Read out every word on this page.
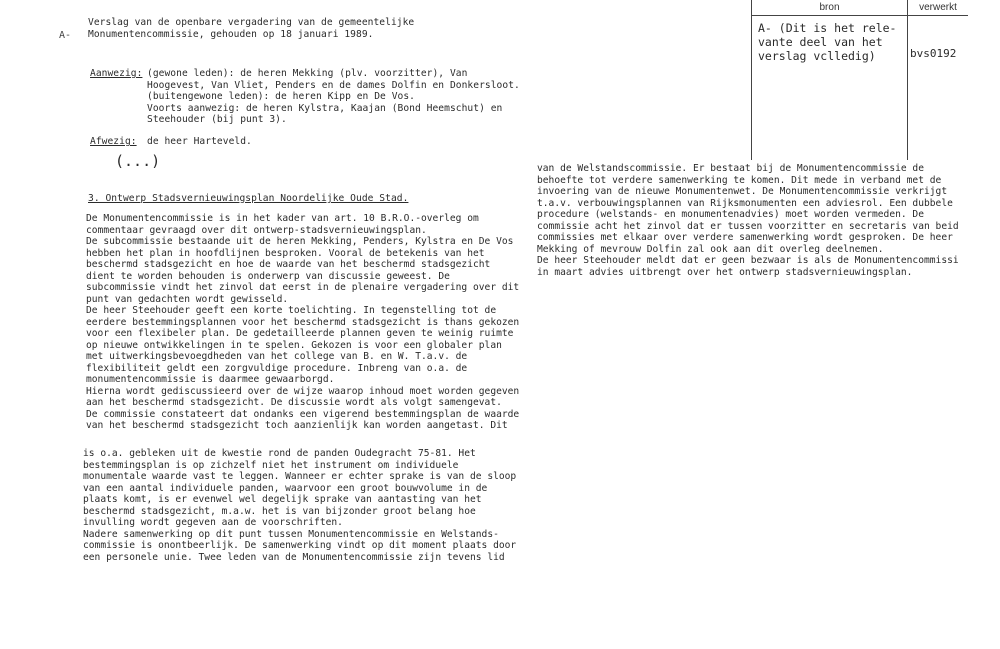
bron	verwerkt
A- (Dit is het rele-
vante deel van het
verslag vclledig)	bvs0192
A-
Verslag van de openbare vergadering van de gemeentelijke
Monumentencommissie, gehouden op 18 januari 1989.
Aanwezig: (gewone leden): de heren Mekking (plv. voorzitter), Van
Hoogevest, Van Vliet, Penders en de dames Dolfin en Donkersloot.
(buitengewone leden): de heren Kipp en De Vos.
Voorts aanwezig: de heren Kylstra, Kaajan (Bond Heemschut) en
Steehouder (bij punt 3).
Afwezig: de heer Harteveld.
(...)
3. Ontwerp Stadsvernieuwingsplan Noordelijke Oude Stad.
De Monumentencommissie is in het kader van art. 10 B.R.O.-overleg om
commentaar gevraagd over dit ontwerp-stadsvernieuwingsplan.
De subcommissie bestaande uit de heren Mekking, Penders, Kylstra en De Vos
hebben het plan in hoofdlijnen besproken. Vooral de betekenis van het
beschermd stadsgezicht en hoe de waarde van het beschermd stadsgezicht
dient te worden behouden is onderwerp van discussie geweest. De
subcommissie vindt het zinvol dat eerst in de plenaire vergadering over dit
punt van gedachten wordt gewisseld.
De heer Steehouder geeft een korte toelichting. In tegenstelling tot de
eerdere bestemmingsplannen voor het beschermd stadsgezicht is thans gekozen
voor een flexibeler plan. De gedetailleerde plannen geven te weinig ruimte
op nieuwe ontwikkelingen in te spelen. Gekozen is voor een globaler plan
met uitwerkingsbevoegdheden van het college van B. en W. T.a.v. de
flexibiliteit geldt een zorgvuldige procedure. Inbreng van o.a. de
monumentencommissie is daarmee gewaarborgd.
Hierna wordt gediscussieerd over de wijze waarop inhoud moet worden gegeven
aan het beschermd stadsgezicht. De discussie wordt als volgt samengevat.
De commissie constateert dat ondanks een vigerend bestemmingsplan de waarde
van het beschermd stadsgezicht toch aanzienlijk kan worden aangetast. Dit
is o.a. gebleken uit de kwestie rond de panden Oudegracht 75-81. Het
bestemmingsplan is op zichzelf niet het instrument om individuele
monumentale waarde vast te leggen. Wanneer er echter sprake is van de sloop
van een aantal individuele panden, waarvoor een groot bouwvolume in de
plaats komt, is er evenwel wel degelijk sprake van aantasting van het
beschermd stadsgezicht, m.a.w. het is van bijzonder groot belang hoe
invulling wordt gegeven aan de voorschriften.
Nadere samenwerking op dit punt tussen Monumentencommissie en Welstands-
commissie is onontbeerlijk. De samenwerking vindt op dit moment plaats door
een personele unie. Twee leden van de Monumentencommissie zijn tevens lid
van de Welstandscommissie. Er bestaat bij de Monumentencommissie de
behoefte tot verdere samenwerking te komen. Dit mede in verband met de
invoering van de nieuwe Monumentenwet. De Monumentencommissie verkrijgt
t.a.v. verbouwingsplannen van Rijksmonumenten een adviesrol. Een dubbele
procedure (welstands- en monumentenadvies) moet worden vermeden. De
commissie acht het zinvol dat er tussen voorzitter en secretaris van beid
commissies met elkaar over verdere samenwerking wordt gesproken. De heer
Mekking of mevrouw Dolfin zal ook aan dit overleg deelnemen.
De heer Steehouder meldt dat er geen bezwaar is als de Monumentencommissi
in maart advies uitbrengt over het ontwerp stadsvernieuwingsplan.
